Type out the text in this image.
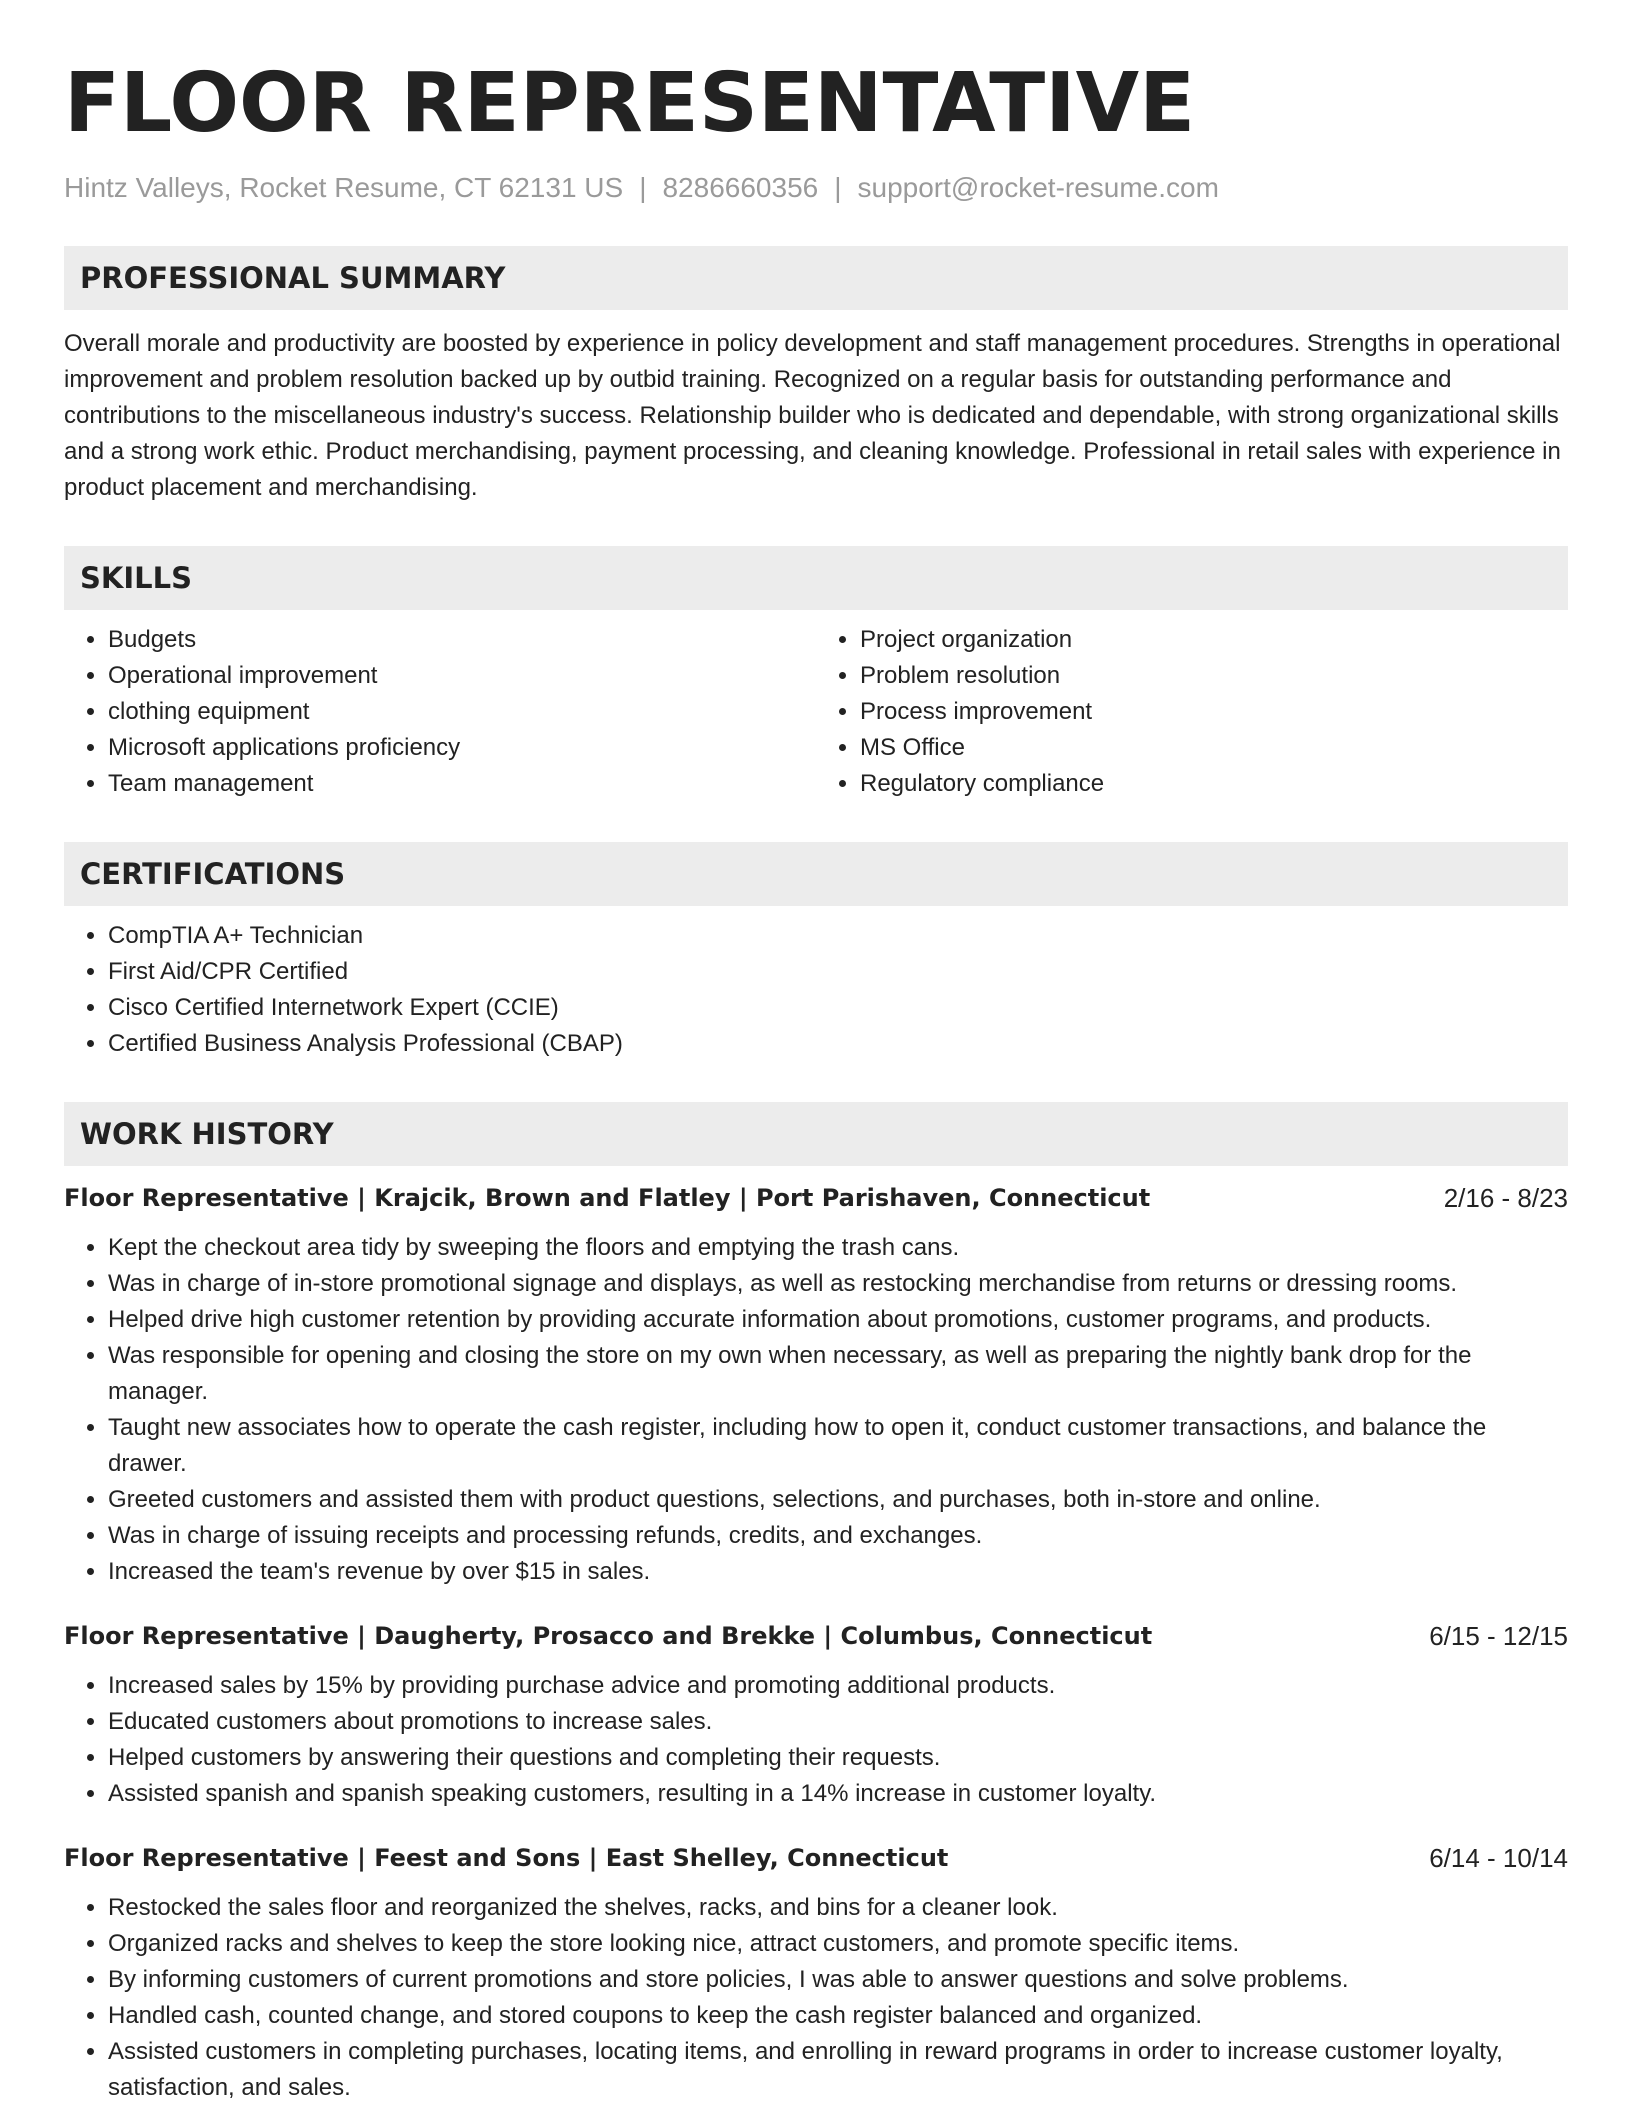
FLOOR REPRESENTATIVE
Hintz Valleys, Rocket Resume, CT 62131 US | 8286660356 | support@rocket-resume.com
PROFESSIONAL SUMMARY
Overall morale and productivity are boosted by experience in policy development and staff management procedures. Strengths in operational improvement and problem resolution backed up by outbid training. Recognized on a regular basis for outstanding performance and contributions to the miscellaneous industry's success. Relationship builder who is dedicated and dependable, with strong organizational skills and a strong work ethic. Product merchandising, payment processing, and cleaning knowledge. Professional in retail sales with experience in product placement and merchandising.
SKILLS
• Budgets
• Operational improvement
• clothing equipment
• Microsoft applications proficiency
• Team management
• Project organization
• Problem resolution
• Process improvement
• MS Office
• Regulatory compliance
CERTIFICATIONS
• CompTIA A+ Technician
• First Aid/CPR Certified
• Cisco Certified Internetwork Expert (CCIE)
• Certified Business Analysis Professional (CBAP)
WORK HISTORY
Floor Representative | Krajcik, Brown and Flatley | Port Parishaven, Connecticut	2/16 - 8/23
• Kept the checkout area tidy by sweeping the floors and emptying the trash cans.
• Was in charge of in-store promotional signage and displays, as well as restocking merchandise from returns or dressing rooms.
• Helped drive high customer retention by providing accurate information about promotions, customer programs, and products.
• Was responsible for opening and closing the store on my own when necessary, as well as preparing the nightly bank drop for the manager.
• Taught new associates how to operate the cash register, including how to open it, conduct customer transactions, and balance the drawer.
• Greeted customers and assisted them with product questions, selections, and purchases, both in-store and online.
• Was in charge of issuing receipts and processing refunds, credits, and exchanges.
• Increased the team's revenue by over $15 in sales.
Floor Representative | Daugherty, Prosacco and Brekke | Columbus, Connecticut	6/15 - 12/15
• Increased sales by 15% by providing purchase advice and promoting additional products.
• Educated customers about promotions to increase sales.
• Helped customers by answering their questions and completing their requests.
• Assisted spanish and spanish speaking customers, resulting in a 14% increase in customer loyalty.
Floor Representative | Feest and Sons | East Shelley, Connecticut	6/14 - 10/14
• Restocked the sales floor and reorganized the shelves, racks, and bins for a cleaner look.
• Organized racks and shelves to keep the store looking nice, attract customers, and promote specific items.
• By informing customers of current promotions and store policies, I was able to answer questions and solve problems.
• Handled cash, counted change, and stored coupons to keep the cash register balanced and organized.
• Assisted customers in completing purchases, locating items, and enrolling in reward programs in order to increase customer loyalty, satisfaction, and sales.
